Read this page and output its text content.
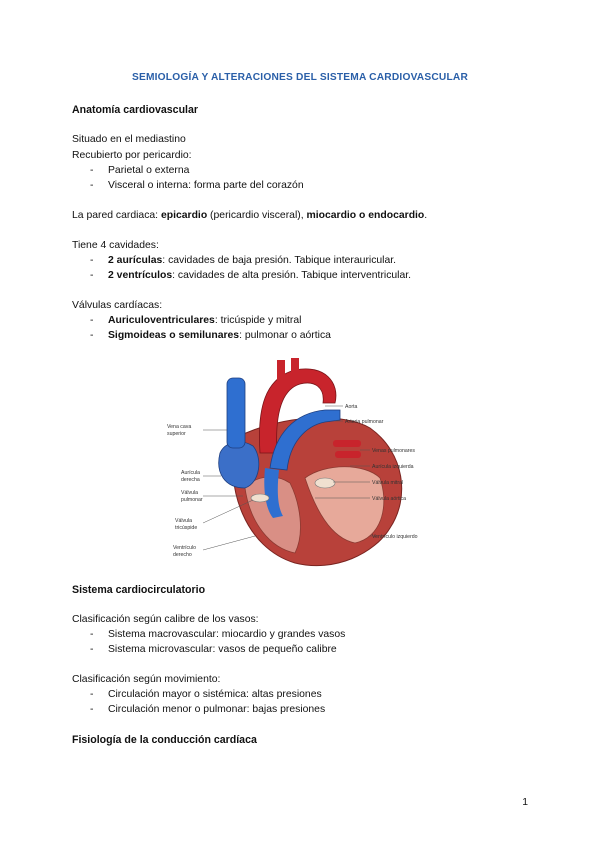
SEMIOLOGÍA Y ALTERACIONES DEL SISTEMA CARDIOVASCULAR
Anatomía cardiovascular
Situado en el mediastino
Recubierto por pericardio:
- Parietal o externa
- Visceral o interna: forma parte del corazón
La pared cardiaca: epicardio (pericardio visceral), miocardio o endocardio.
Tiene 4 cavidades:
- 2 aurículas: cavidades de baja presión. Tabique interauricular.
- 2 ventrículos: cavidades de alta presión. Tabique interventricular.
Válvulas cardíacas:
- Auriculoventriculares: tricúspide y mitral
- Sigmoideas o semilunares: pulmonar o aórtica
Aorta
Arteria pulmonar
Venas pulmonares
Aurícula izquierda
Válvula mitral
Válvula aórtica
Ventrículo izquierdo
Vena cava
superior
Aurícula
derecha
Válvula
pulmonar
Válvula
tricúspide
Ventrículo
derecho
Sistema cardiocirculatorio
Clasificación según calibre de los vasos:
- Sistema macrovascular: miocardio y grandes vasos
- Sistema microvascular: vasos de pequeño calibre
Clasificación según movimiento:
- Circulación mayor o sistémica: altas presiones
- Circulación menor o pulmonar: bajas presiones
Fisiología de la conducción cardíaca
1
